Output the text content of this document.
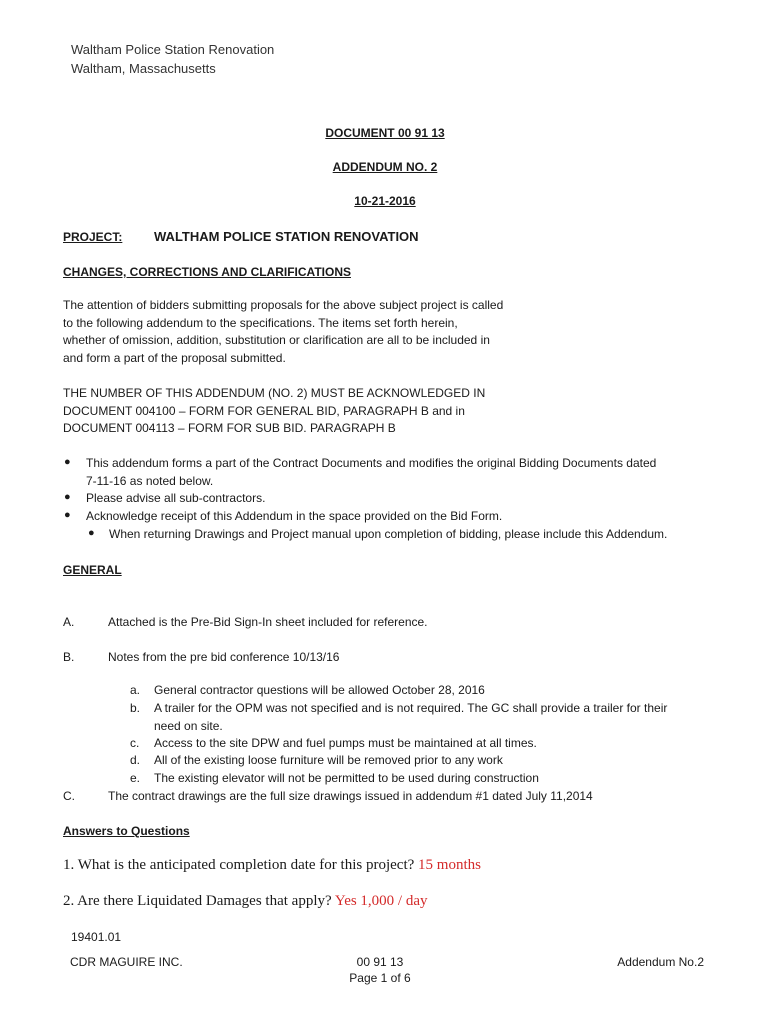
Waltham Police Station Renovation
Waltham, Massachusetts
DOCUMENT 00 91 13
ADDENDUM NO. 2
10-21-2016
PROJECT: WALTHAM POLICE STATION RENOVATION
CHANGES, CORRECTIONS AND CLARIFICATIONS
The attention of bidders submitting proposals for the above subject project is called
to the following addendum to the specifications. The items set forth herein,
whether of omission, addition, substitution or clarification are all to be included in
and form a part of the proposal submitted.
THE NUMBER OF THIS ADDENDUM (NO. 2) MUST BE ACKNOWLEDGED IN
DOCUMENT 004100 – FORM FOR GENERAL BID, PARAGRAPH B and in
DOCUMENT 004113 – FORM FOR SUB BID. PARAGRAPH B
● This addendum forms a part of the Contract Documents and modifies the original Bidding Documents dated
7-11-16 as noted below.
● Please advise all sub-contractors.
● Acknowledge receipt of this Addendum in the space provided on the Bid Form.
● When returning Drawings and Project manual upon completion of bidding, please include this Addendum.
GENERAL
A.	Attached is the Pre-Bid Sign-In sheet included for reference.
B.	Notes from the pre bid conference 10/13/16
a. General contractor questions will be allowed October 28, 2016
b. A trailer for the OPM was not specified and is not required. The GC shall provide a trailer for their
need on site.
c. Access to the site DPW and fuel pumps must be maintained at all times.
d. All of the existing loose furniture will be removed prior to any work
e. The existing elevator will not be permitted to be used during construction
C.	The contract drawings are the full size drawings issued in addendum #1 dated July 11,2014
Answers to Questions
1. What is the anticipated completion date for this project? 15 months
2. Are there Liquidated Damages that apply? Yes 1,000 / day
19401.01
CDR MAGUIRE INC.	00 91 13
Page 1 of 6
Addendum No.2
